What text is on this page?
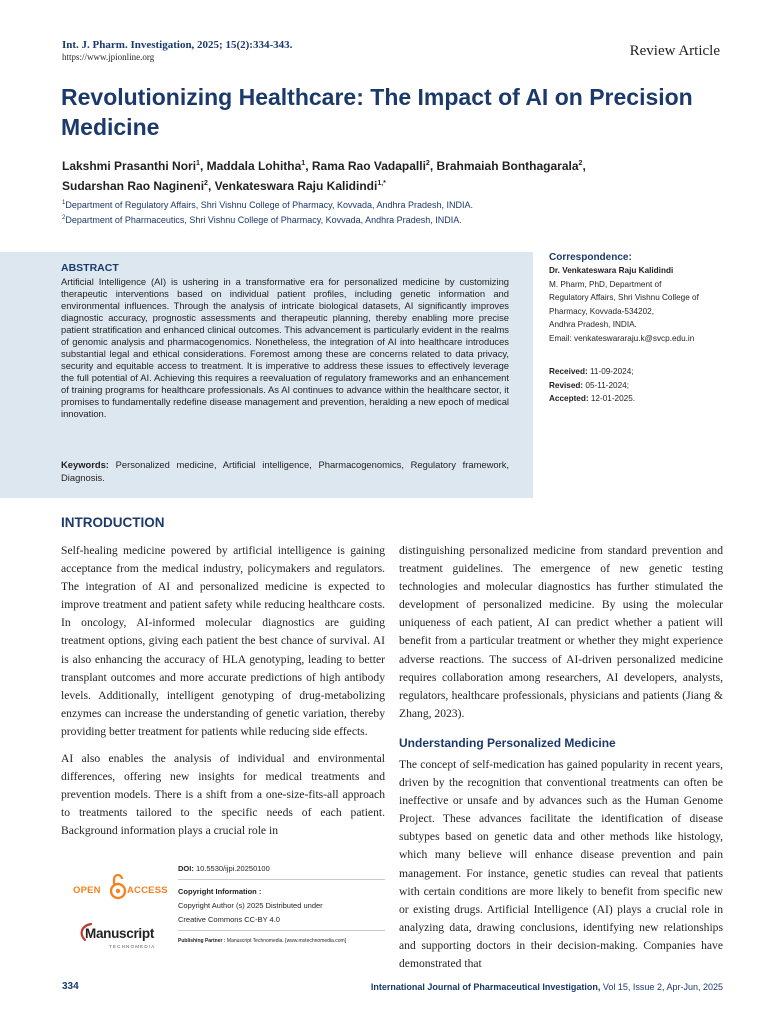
Int. J. Pharm. Investigation, 2025; 15(2):334-343.
https://www.jpionline.org	Review Article
Revolutionizing Healthcare: The Impact of AI on Precision Medicine
Lakshmi Prasanthi Nori$^1$, Maddala Lohitha$^1$, Rama Rao Vadapalli$^2$, Brahmaiah Bonthagarala$^2$,
Sudarshan Rao Nagineni$^2$, Venkateswara Raju Kalidindi$^{1,*}$
$^1$Department of Regulatory Affairs, Shri Vishnu College of Pharmacy, Kovvada, Andhra Pradesh, INDIA.
$^2$Department of Pharmaceutics, Shri Vishnu College of Pharmacy, Kovvada, Andhra Pradesh, INDIA.
ABSTRACT

Artificial Intelligence (AI) is ushering in a transformative era for personalized medicine by customizing therapeutic interventions based on individual patient profiles, including genetic information and environmental influences. Through the analysis of intricate biological datasets, AI significantly improves diagnostic accuracy, prognostic assessments and therapeutic planning, thereby enabling more precise patient stratification and enhanced clinical outcomes. This advancement is particularly evident in the realms of genomic analysis and pharmacogenomics. Nonetheless, the integration of AI into healthcare introduces substantial legal and ethical considerations. Foremost among these are concerns related to data privacy, security and equitable access to treatment. It is imperative to address these issues to effectively leverage the full potential of AI. Achieving this requires a reevaluation of regulatory frameworks and an enhancement of training programs for healthcare professionals. As AI continues to advance within the healthcare sector, it promises to fundamentally redefine disease management and prevention, heralding a new epoch of medical innovation.

Keywords: Personalized medicine, Artificial intelligence, Pharmacogenomics, Regulatory framework, Diagnosis.
Correspondence:
Dr. Venkateswara Raju Kalidindi
M. Pharm, PhD, Department of
Regulatory Affairs, Shri Vishnu College of
Pharmacy, Kovvada-534202,
Andhra Pradesh, INDIA.
Email: venkateswararaju.k@svcp.edu.in
Received: 11-09-2024;
Revised: 05-11-2024;
Accepted: 12-01-2025.
INTRODUCTION

Self-healing medicine powered by artificial intelligence is gaining acceptance from the medical industry, policymakers and regulators. The integration of AI and personalized medicine is expected to improve treatment and patient safety while reducing healthcare costs. In oncology, AI-informed molecular diagnostics are guiding treatment options, giving each patient the best chance of survival. AI is also enhancing the accuracy of HLA genotyping, leading to better transplant outcomes and more accurate predictions of high antibody levels. Additionally, intelligent genotyping of drug-metabolizing enzymes can increase the understanding of genetic variation, thereby providing better treatment for patients while reducing side effects.

AI also enables the analysis of individual and environmental differences, offering new insights for medical treatments and prevention models. There is a shift from a one-size-fits-all approach to treatments tailored to the specific needs of each patient. Background information plays a crucial role in

distinguishing personalized medicine from standard prevention and treatment guidelines. The emergence of new genetic testing technologies and molecular diagnostics has further stimulated the development of personalized medicine. By using the molecular uniqueness of each patient, AI can predict whether a patient will benefit from a particular treatment or whether they might experience adverse reactions. The success of AI-driven personalized medicine requires collaboration among researchers, AI developers, analysts, regulators, healthcare professionals, physicians and patients (Jiang & Zhang, 2023).

Understanding Personalized Medicine

The concept of self-medication has gained popularity in recent years, driven by the recognition that conventional treatments can often be ineffective or unsafe and by advances such as the Human Genome Project. These advances facilitate the identification of disease subtypes based on genetic data and other methods like histology, which many believe will enhance disease prevention and pain management. For instance, genetic studies can reveal that patients with certain conditions are more likely to benefit from specific new or existing drugs. Artificial Intelligence (AI) plays a crucial role in analyzing data, drawing conclusions, identifying new relationships and supporting doctors in their decision-making. Companies have demonstrated that

OPEN	ACCESS
Manuscript
TECHNOMEDIA
DOI: 10.5530/ijpi.20250100
Copyright Information :
Copyright Author (s) 2025 Distributed under
Creative Commons CC-BY 4.0
Publishing Partner : Manuscript Technomedia. [www.mstechnomedia.com]
334	International Journal of Pharmaceutical Investigation, Vol 15, Issue 2, Apr-Jun, 2025
